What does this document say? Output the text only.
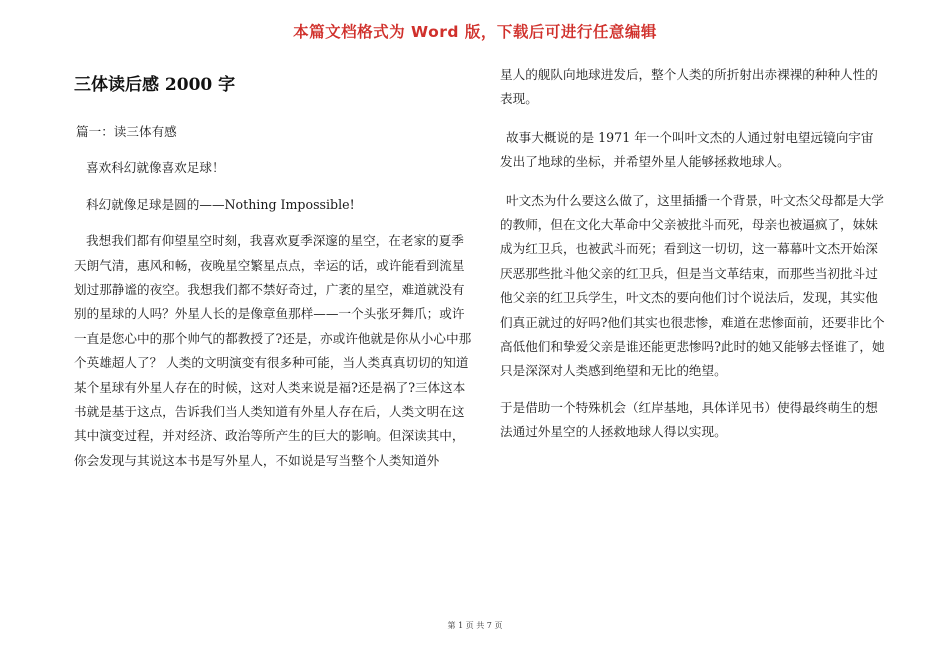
本篇文档格式为 Word 版，下载后可进行任意编辑
三体读后感 2000 字

篇一：读三体有感

喜欢科幻就像喜欢足球！

科幻就像足球是圆的——Nothing Impossible!

我想我们都有仰望星空时刻，我喜欢夏季深邃的星空，在老家的夏季天朗气清，惠风和畅，夜晚星空繁星点点，幸运的话，或许能看到流星划过那静谧的夜空。我想我们都不禁好奇过，广袤的星空，难道就没有别的星球的人吗？外星人长的是像章鱼那样——一个头张牙舞爪；或许一直是您心中的那个帅气的都教授了?还是，亦或许他就是你从小心中那个英雄超人了？ 人类的文明演变有很多种可能，当人类真真切切的知道某个星球有外星人存在的时候，这对人类来说是福?还是祸了?三体这本书就是基于这点，告诉我们当人类知道有外星人存在后，人类文明在这其中演变过程，并对经济、政治等所产生的巨大的影响。但深读其中，你会发现与其说这本书是写外星人，不如说是写当整个人类知道外

星人的舰队向地球进发后，整个人类的所折射出赤裸裸的种种人性的表现。

故事大概说的是 1971 年一个叫叶文杰的人通过射电望远镜向宇宙发出了地球的坐标，并希望外星人能够拯救地球人。

叶文杰为什么要这么做了，这里插播一个背景，叶文杰父母都是大学的教师，但在文化大革命中父亲被批斗而死，母亲也被逼疯了，妹妹成为红卫兵，也被武斗而死；看到这一切切，这一幕幕叶文杰开始深厌恶那些批斗他父亲的红卫兵，但是当文革结束，而那些当初批斗过他父亲的红卫兵学生，叶文杰的要向他们讨个说法后，发现，其实他们真正就过的好吗?他们其实也很悲惨，难道在悲惨面前，还要非比个高低他们和挚爱父亲是谁还能更悲惨吗?此时的她又能够去怪谁了，她只是深深对人类感到绝望和无比的绝望。

于是借助一个特殊机会（红岸基地，具体详见书）使得最终萌生的想法通过外星空的人拯救地球人得以实现。

第 1 页 共 7 页
